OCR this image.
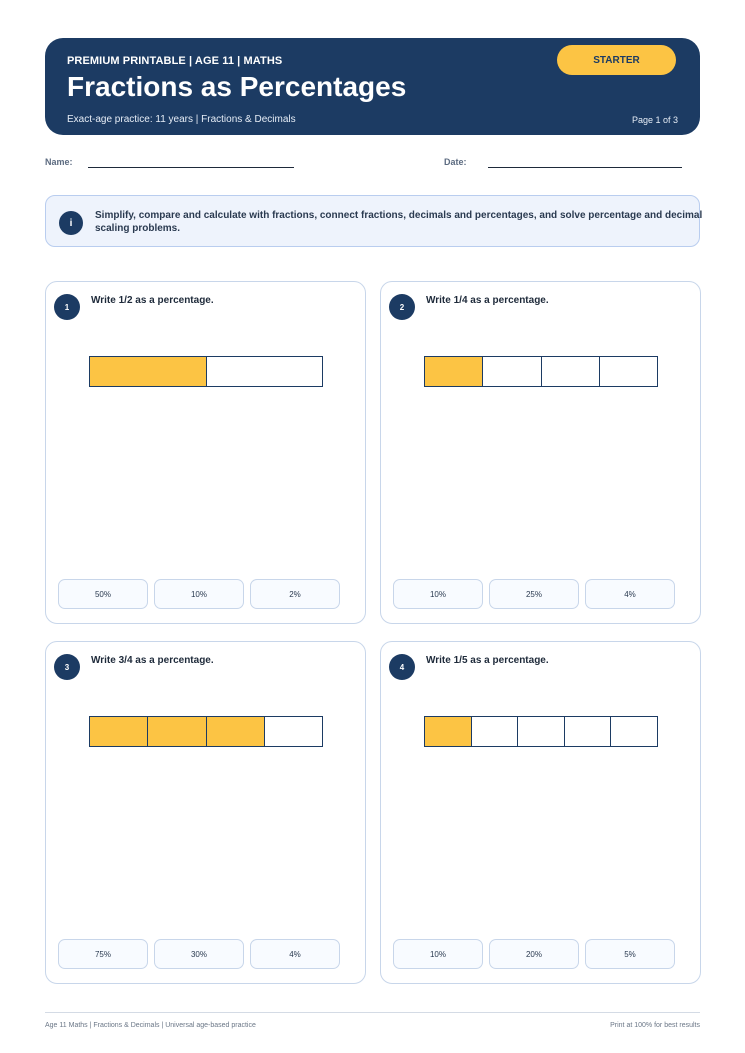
PREMIUM PRINTABLE | AGE 11 | MATHS
Fractions as Percentages
Exact-age practice: 11 years | Fractions & Decimals	Page 1 of 3
STARTER
Name:	Date:
i
Simplify, compare and calculate with fractions, connect fractions, decimals and percentages, and solve percentage and decimal scaling problems.
1
Write 1/2 as a percentage.
50%	10%	2%
2
Write 1/4 as a percentage.
10%	25%	4%
3
Write 3/4 as a percentage.
75%	30%	4%
4
Write 1/5 as a percentage.
10%	20%	5%
Age 11 Maths | Fractions & Decimals | Universal age-based practice	Print at 100% for best results
